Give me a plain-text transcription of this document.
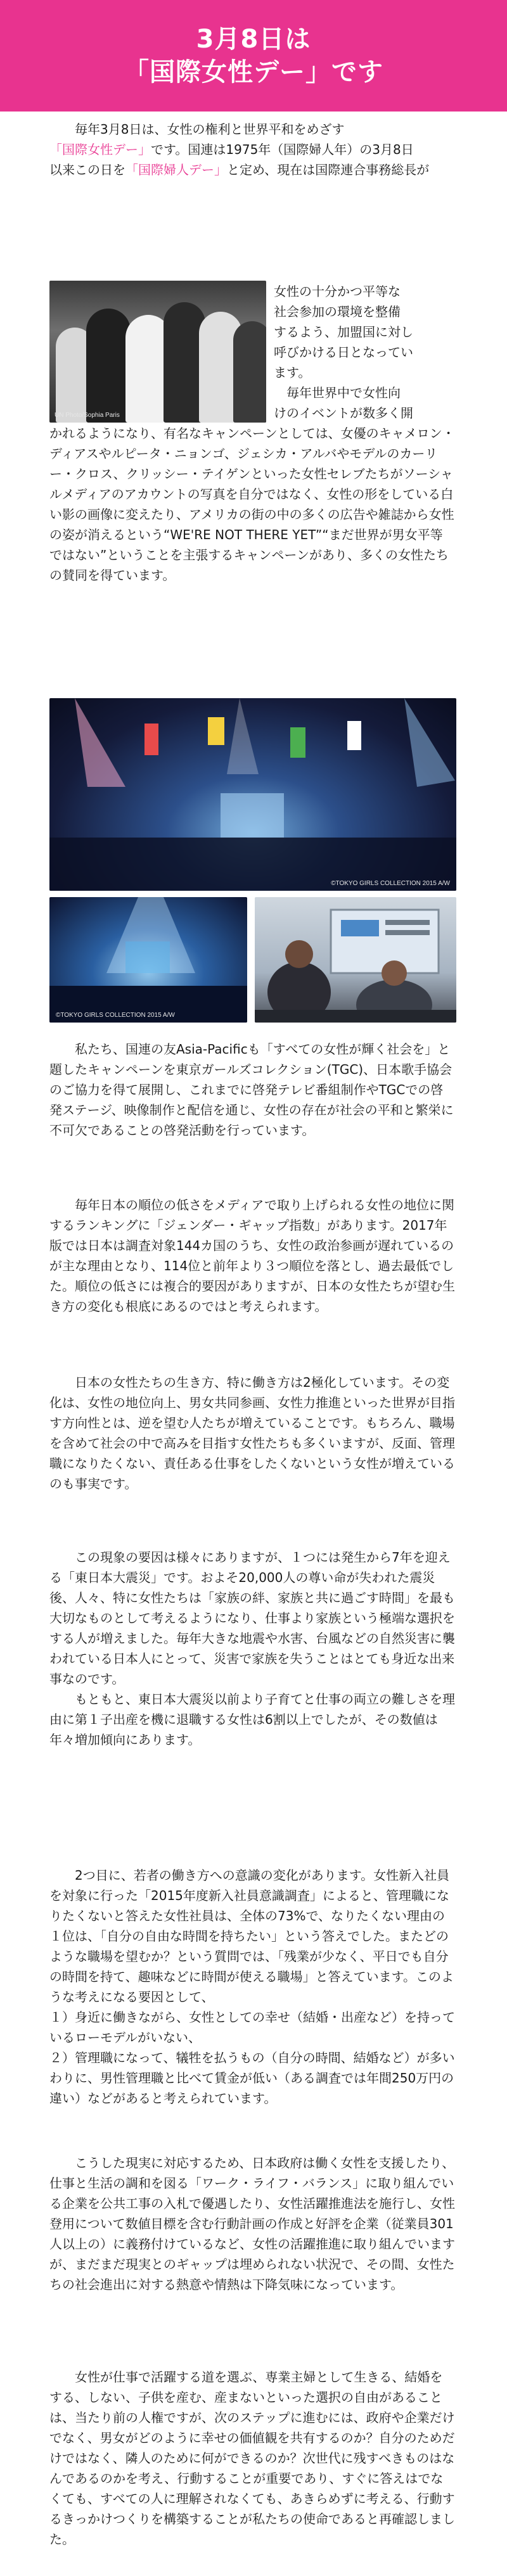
3月8日は
「国際女性デー」です

毎年3月8日は、女性の権利と世界平和をめざす

「国際女性デー」です。国連は1975年（国際婦人年）の3月8日

以来この日を「国際婦人デー」と定め、現在は国際連合事務総長が

UN Photo/Sophia Paris

女性の十分かつ平等な

社会参加の環境を整備

するよう、加盟国に対し

呼びかける日となってい

ます。

毎年世界中で女性向

けのイベントが数多く開

かれるようになり、有名なキャンペーンとしては、女優のキャメロン・ディアスやルピータ・ニョンゴ、ジェシカ・アルバやモデルのカーリー・クロス、クリッシー・テイゲンといった女性セレブたちがソーシャルメディアのアカウントの写真を自分ではなく、女性の形をしている白い影の画像に変えたり、アメリカの街の中の多くの広告や雑誌から女性の姿が消えるという“WE'RE NOT THERE YET”“まだ世界が男女平等ではない”ということを主張するキャンペーンがあり、多くの女性たちの賛同を得ています。

©TOKYO GIRLS COLLECTION 2015 A/W
©TOKYO GIRLS COLLECTION 2015 A/W

私たち、国連の友Asia-Pacificも「すべての女性が輝く社会を」と題したキャンペーンを東京ガールズコレクション(TGC)、日本歌手協会のご協力を得て展開し、これまでに啓発テレビ番組制作やTGCでの啓発ステージ、映像制作と配信を通じ、女性の存在が社会の平和と繁栄に不可欠であることの啓発活動を行っています。

毎年日本の順位の低さをメディアで取り上げられる女性の地位に関するランキングに「ジェンダー・ギャップ指数」があります。2017年版では日本は調査対象144カ国のうち、女性の政治参画が遅れているのが主な理由となり、114位と前年より３つ順位を落とし、過去最低でした。順位の低さには複合的要因がありますが、日本の女性たちが望む生き方の変化も根底にあるのではと考えられます。

日本の女性たちの生き方、特に働き方は2極化しています。その変化は、女性の地位向上、男女共同参画、女性力推進といった世界が目指す方向性とは、逆を望む人たちが増えていることです。もちろん、職場を含めて社会の中で高みを目指す女性たちも多くいますが、反面、管理職になりたくない、責任ある仕事をしたくないという女性が増えているのも事実です。

この現象の要因は様々にありますが、１つには発生から7年を迎える「東日本大震災」です。およそ20,000人の尊い命が失われた震災後、人々、特に女性たちは「家族の絆、家族と共に過ごす時間」を最も大切なものとして考えるようになり、仕事より家族という極端な選択をする人が増えました。毎年大きな地震や水害、台風などの自然災害に襲われている日本人にとって、災害で家族を失うことはとても身近な出来事なのです。

もともと、東日本大震災以前より子育てと仕事の両立の難しさを理由に第１子出産を機に退職する女性は6割以上でしたが、その数値は年々増加傾向にあります。

2つ目に、若者の働き方への意識の変化があります。女性新入社員を対象に行った「2015年度新入社員意識調査」によると、管理職になりたくないと答えた女性社員は、全体の73%で、なりたくない理由の１位は、「自分の自由な時間を持ちたい」という答えでした。またどのような職場を望むか？という質問では、「残業が少なく、平日でも自分の時間を持て、趣味などに時間が使える職場」と答えています。このような考えになる要因として、

１）身近に働きながら、女性としての幸せ（結婚・出産など）を持っているローモデルがいない、

２）管理職になって、犠牲を払うもの（自分の時間、結婚など）が多いわりに、男性管理職と比べて賃金が低い（ある調査では年間250万円の違い）などがあると考えられています。

こうした現実に対応するため、日本政府は働く女性を支援したり、仕事と生活の調和を図る「ワーク・ライフ・バランス」に取り組んでいる企業を公共工事の入札で優遇したり、女性活躍推進法を施行し、女性登用について数値目標を含む行動計画の作成と好評を企業（従業員301人以上の）に義務付けているなど、女性の活躍推進に取り組んでいますが、まだまだ現実とのギャップは埋められない状況で、その間、女性たちの社会進出に対する熱意や情熱は下降気味になっています。

女性が仕事で活躍する道を選ぶ、専業主婦として生きる、結婚をする、しない、子供を産む、産まないといった選択の自由があることは、当たり前の人権ですが、次のステップに進むには、政府や企業だけでなく、男女がどのように幸せの価値観を共有するのか？自分のためだけではなく、隣人のために何ができるのか？次世代に残すべきものはなんであるのかを考え、行動することが重要であり、すぐに答えはでなくても、すべての人に理解されなくても、あきらめずに考える、行動するきっかけつくりを構築することが私たちの使命であると再確認しました。
